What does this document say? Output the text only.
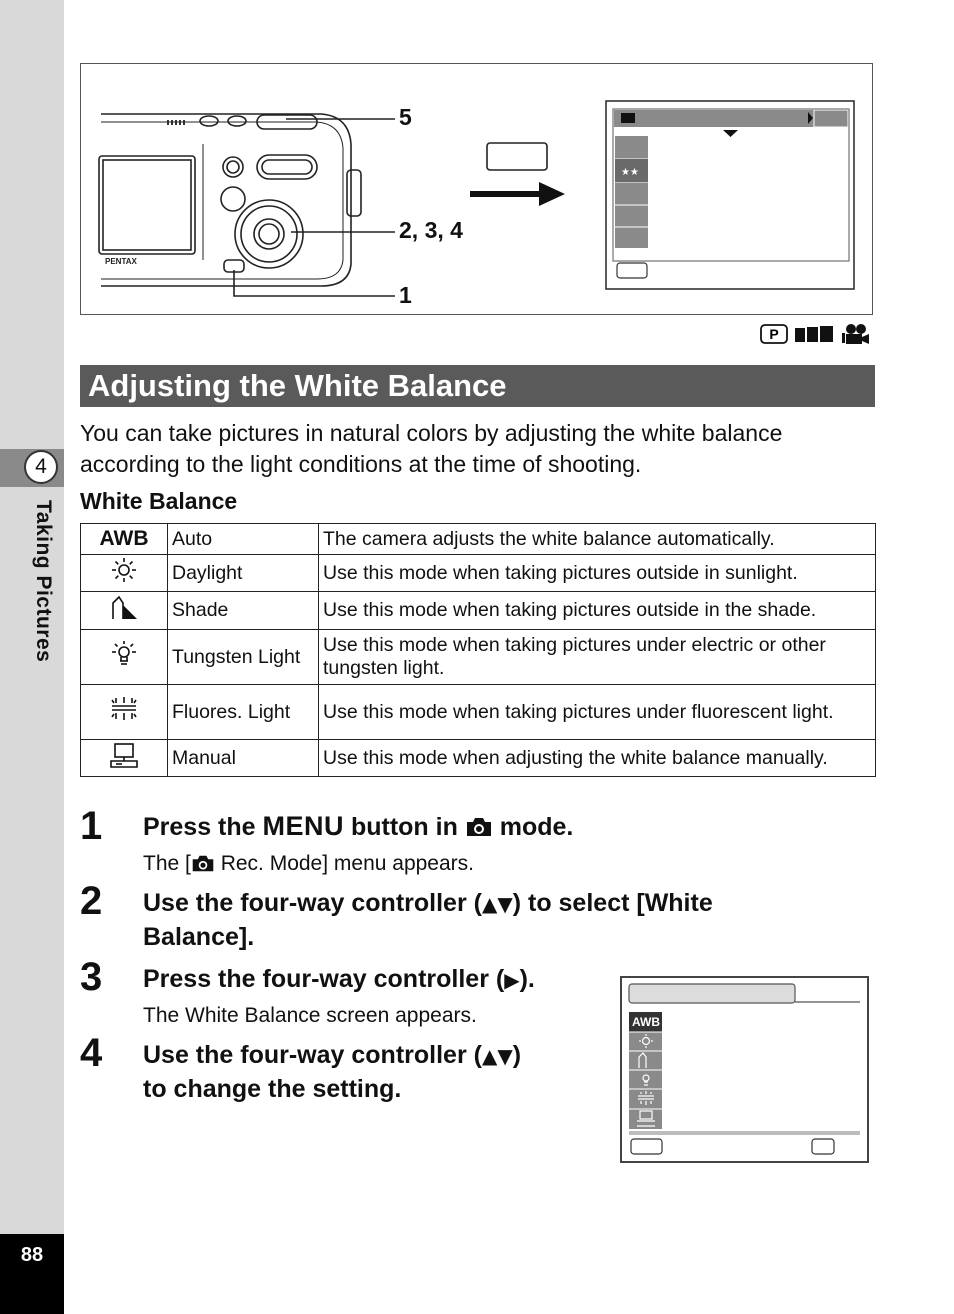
4
Taking Pictures
88
PENTAX
★★
5
2, 3, 4
1
P
Adjusting the White Balance
You can take pictures in natural colors by adjusting the white balance according to the light conditions at the time of shooting.
White Balance
AWB	Auto	The camera adjusts the white balance automatically.
	Daylight	Use this mode when taking pictures outside in sunlight.
	Shade	Use this mode when taking pictures outside in the shade.
	Tungsten Light	Use this mode when taking pictures under electric or other tungsten light.
	Fluores. Light	Use this mode when taking pictures under fluorescent light.
	Manual	Use this mode when adjusting the white balance manually.
1 Press the MENU button in  mode.
The [ Rec. Mode] menu appears.
2 Use the four-way controller (▲▼) to select [White
Balance].
3 Press the four-way controller (▶).
The White Balance screen appears.
4 Use the four-way controller (▲▼)
to change the setting.
AWB
